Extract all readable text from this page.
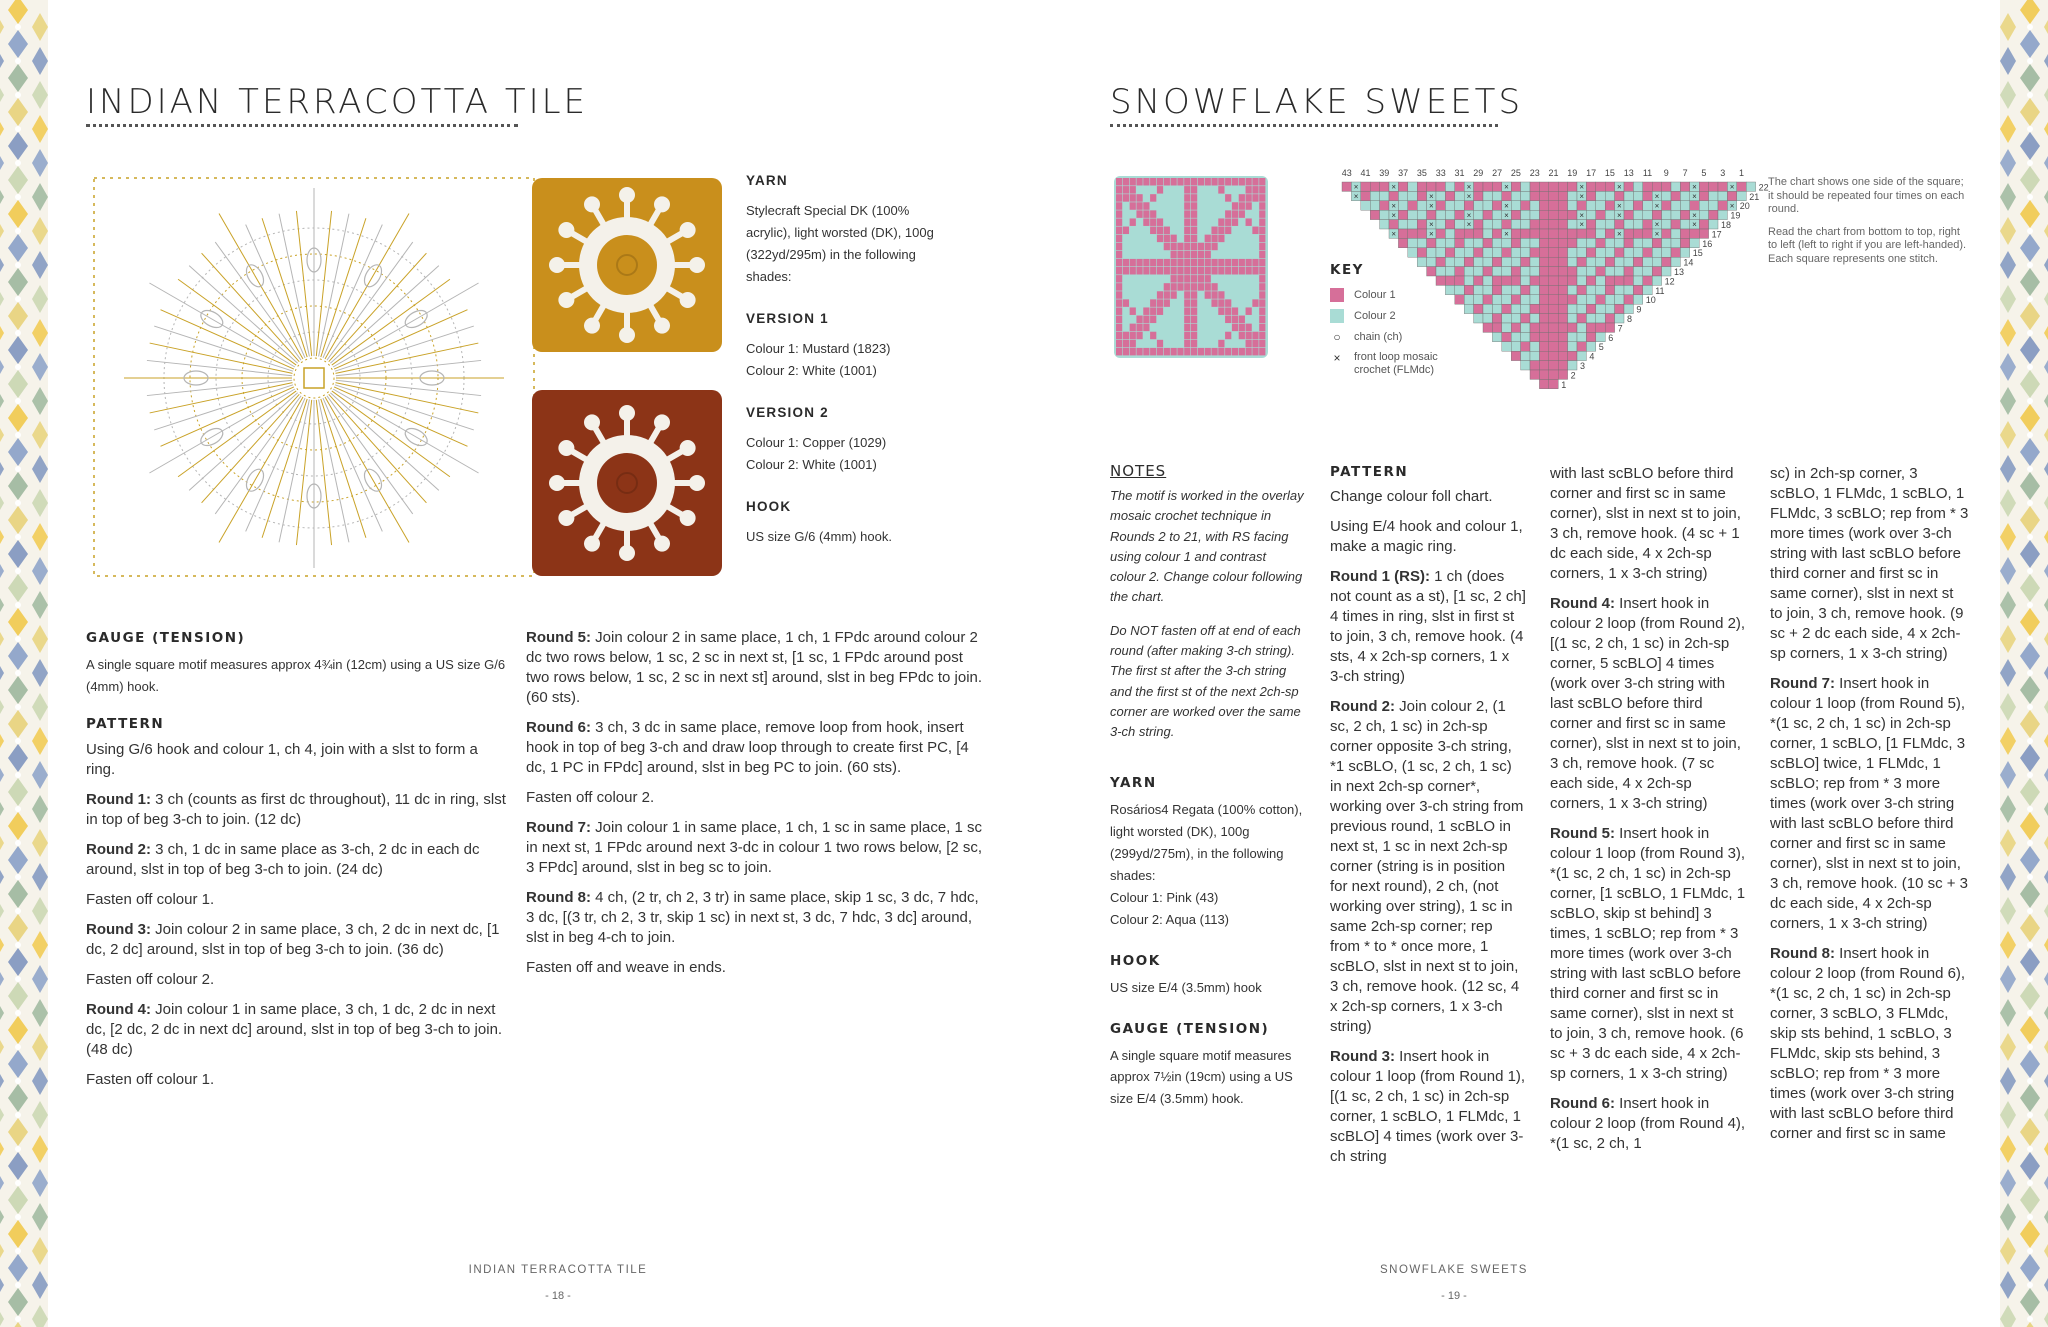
INDIAN TERRACOTTA TILE
YARN
Stylecraft Special DK (100% acrylic), light worsted (DK), 100g (322yd/295m) in the following shades:
VERSION 1
Colour 1: Mustard (1823)
Colour 2: White (1001)
VERSION 2
Colour 1: Copper (1029)
Colour 2: White (1001)
HOOK
US size G/6 (4mm) hook.
GAUGE (TENSION)
A single square motif measures approx 4¾in (12cm) using a US size G/6 (4mm) hook.
PATTERN

Using G/6 hook and colour 1, ch 4, join with a slst to form a ring.

Round 1: 3 ch (counts as first dc throughout), 11 dc in ring, slst in top of beg 3-ch to join. (12 dc)

Round 2: 3 ch, 1 dc in same place as 3-ch, 2 dc in each dc around, slst in top of beg 3-ch to join. (24 dc)

Fasten off colour 1.

Round 3: Join colour 2 in same place, 3 ch, 2 dc in next dc, [1 dc, 2 dc] around, slst in top of beg 3-ch to join. (36 dc)

Fasten off colour 2.

Round 4: Join colour 1 in same place, 3 ch, 1 dc, 2 dc in next dc, [2 dc, 2 dc in next dc] around, slst in top of beg 3-ch to join. (48 dc)

Fasten off colour 1.

Round 5: Join colour 2 in same place, 1 ch, 1 FPdc around colour 2 dc two rows below, 1 sc, 2 sc in next st, [1 sc, 1 FPdc around post two rows below, 1 sc, 2 sc in next st] around, slst in beg FPdc to join. (60 sts).

Round 6: 3 ch, 3 dc in same place, remove loop from hook, insert hook in top of beg 3-ch and draw loop through to create first PC, [4 dc, 1 PC in FPdc] around, slst in beg PC to join. (60 sts).

Fasten off colour 2.

Round 7: Join colour 1 in same place, 1 ch, 1 sc in same place, 1 sc in next st, 1 FPdc around next 3-dc in colour 1 two rows below, [2 sc, 3 FPdc] around, slst in beg sc to join.

Round 8: 4 ch, (2 tr, ch 2, 3 tr) in same place, skip 1 sc, 3 dc, 7 hdc, 3 dc, [(3 tr, ch 2, 3 tr, skip 1 sc) in next st, 3 dc, 7 hdc, 3 dc] around, slst in beg 4-ch to join.

Fasten off and weave in ends.

INDIAN TERRACOTTA TILE
- 18 -
SNOWFLAKE SWEETS
43 41 39 37 35 33 31 29 27 25 23 21 19 17 15 13 11 9 7 5 3 1
×	×	×	×	×	×	×	×	22
×	×	×	×	×	×	21
×	×	×	×	×	× 20
×	×	×	×	×	×	19
×	×	×	×	×	18
×	×	×	×	×	17
16
15
14
13
12
11
10
9
8
7
6
5
4
3
2
1
KEY
Colour 1
Colour 2
○	chain (ch)
×	front loop mosaic crochet (FLMdc)
The chart shows one side of the square; it should be repeated four times on each round.
Read the chart from bottom to top, right to left (left to right if you are left-handed). Each square represents one stitch.
NOTES
The motif is worked in the overlay mosaic crochet technique in Rounds 2 to 21, with RS facing using colour 1 and contrast colour 2. Change colour following the chart.
Do NOT fasten off at end of each round (after making 3-ch string). The first st after the 3-ch string and the first st of the next 2ch-sp corner are worked over the same 3-ch string.
YARN
Rosários4 Regata (100% cotton), light worsted (DK), 100g (299yd/275m), in the following shades:
Colour 1: Pink (43)
Colour 2: Aqua (113)
HOOK
US size E/4 (3.5mm) hook
GAUGE (TENSION)
A single square motif measures approx 7½in (19cm) using a US size E/4 (3.5mm) hook.
PATTERN

Change colour foll chart.

Using E/4 hook and colour 1, make a magic ring.

Round 1 (RS): 1 ch (does not count as a st), [1 sc, 2 ch] 4 times in ring, slst in first st to join, 3 ch, remove hook. (4 sts, 4 x 2ch-sp corners, 1 x 3-ch string)

Round 2: Join colour 2, (1 sc, 2 ch, 1 sc) in 2ch-sp corner opposite 3-ch string, *1 scBLO, (1 sc, 2 ch, 1 sc) in next 2ch-sp corner*, working over 3-ch string from previous round, 1 scBLO in next st, 1 sc in next 2ch-sp corner (string is in position for next round), 2 ch, (not working over string), 1 sc in same 2ch-sp corner; rep from * to * once more, 1 scBLO, slst in next st to join, 3 ch, remove hook. (12 sc, 4 x 2ch-sp corners, 1 x 3-ch string)

Round 3: Insert hook in colour 1 loop (from Round 1), [(1 sc, 2 ch, 1 sc) in 2ch-sp corner, 1 scBLO, 1 FLMdc, 1 scBLO] 4 times (work over 3-ch string

with last scBLO before third corner and first sc in same corner), slst in next st to join, 3 ch, remove hook. (4 sc + 1 dc each side, 4 x 2ch-sp corners, 1 x 3-ch string)

Round 4: Insert hook in colour 2 loop (from Round 2), [(1 sc, 2 ch, 1 sc) in 2ch-sp corner, 5 scBLO] 4 times (work over 3-ch string with last scBLO before third corner and first sc in same corner), slst in next st to join, 3 ch, remove hook. (7 sc each side, 4 x 2ch-sp corners, 1 x 3-ch string)

Round 5: Insert hook in colour 1 loop (from Round 3), *(1 sc, 2 ch, 1 sc) in 2ch-sp corner, [1 scBLO, 1 FLMdc, 1 scBLO, skip st behind] 3 times, 1 scBLO; rep from * 3 more times (work over 3-ch string with last scBLO before third corner and first sc in same corner), slst in next st to join, 3 ch, remove hook. (6 sc + 3 dc each side, 4 x 2ch-sp corners, 1 x 3-ch string)

Round 6: Insert hook in colour 2 loop (from Round 4), *(1 sc, 2 ch, 1

sc) in 2ch-sp corner, 3 scBLO, 1 FLMdc, 1 scBLO, 1 FLMdc, 3 scBLO; rep from * 3 more times (work over 3-ch string with last scBLO before third corner and first sc in same corner), slst in next st to join, 3 ch, remove hook. (9 sc + 2 dc each side, 4 x 2ch-sp corners, 1 x 3-ch string)

Round 7: Insert hook in colour 1 loop (from Round 5), *(1 sc, 2 ch, 1 sc) in 2ch-sp corner, 1 scBLO, [1 FLMdc, 3 scBLO] twice, 1 FLMdc, 1 scBLO; rep from * 3 more times (work over 3-ch string with last scBLO before third corner and first sc in same corner), slst in next st to join, 3 ch, remove hook. (10 sc + 3 dc each side, 4 x 2ch-sp corners, 1 x 3-ch string)

Round 8: Insert hook in colour 2 loop (from Round 6), *(1 sc, 2 ch, 1 sc) in 2ch-sp corner, 3 scBLO, 3 FLMdc, skip sts behind, 1 scBLO, 3 FLMdc, skip sts behind, 3 scBLO; rep from * 3 more times (work over 3-ch string with last scBLO before third corner and first sc in same

SNOWFLAKE SWEETS
- 19 -
